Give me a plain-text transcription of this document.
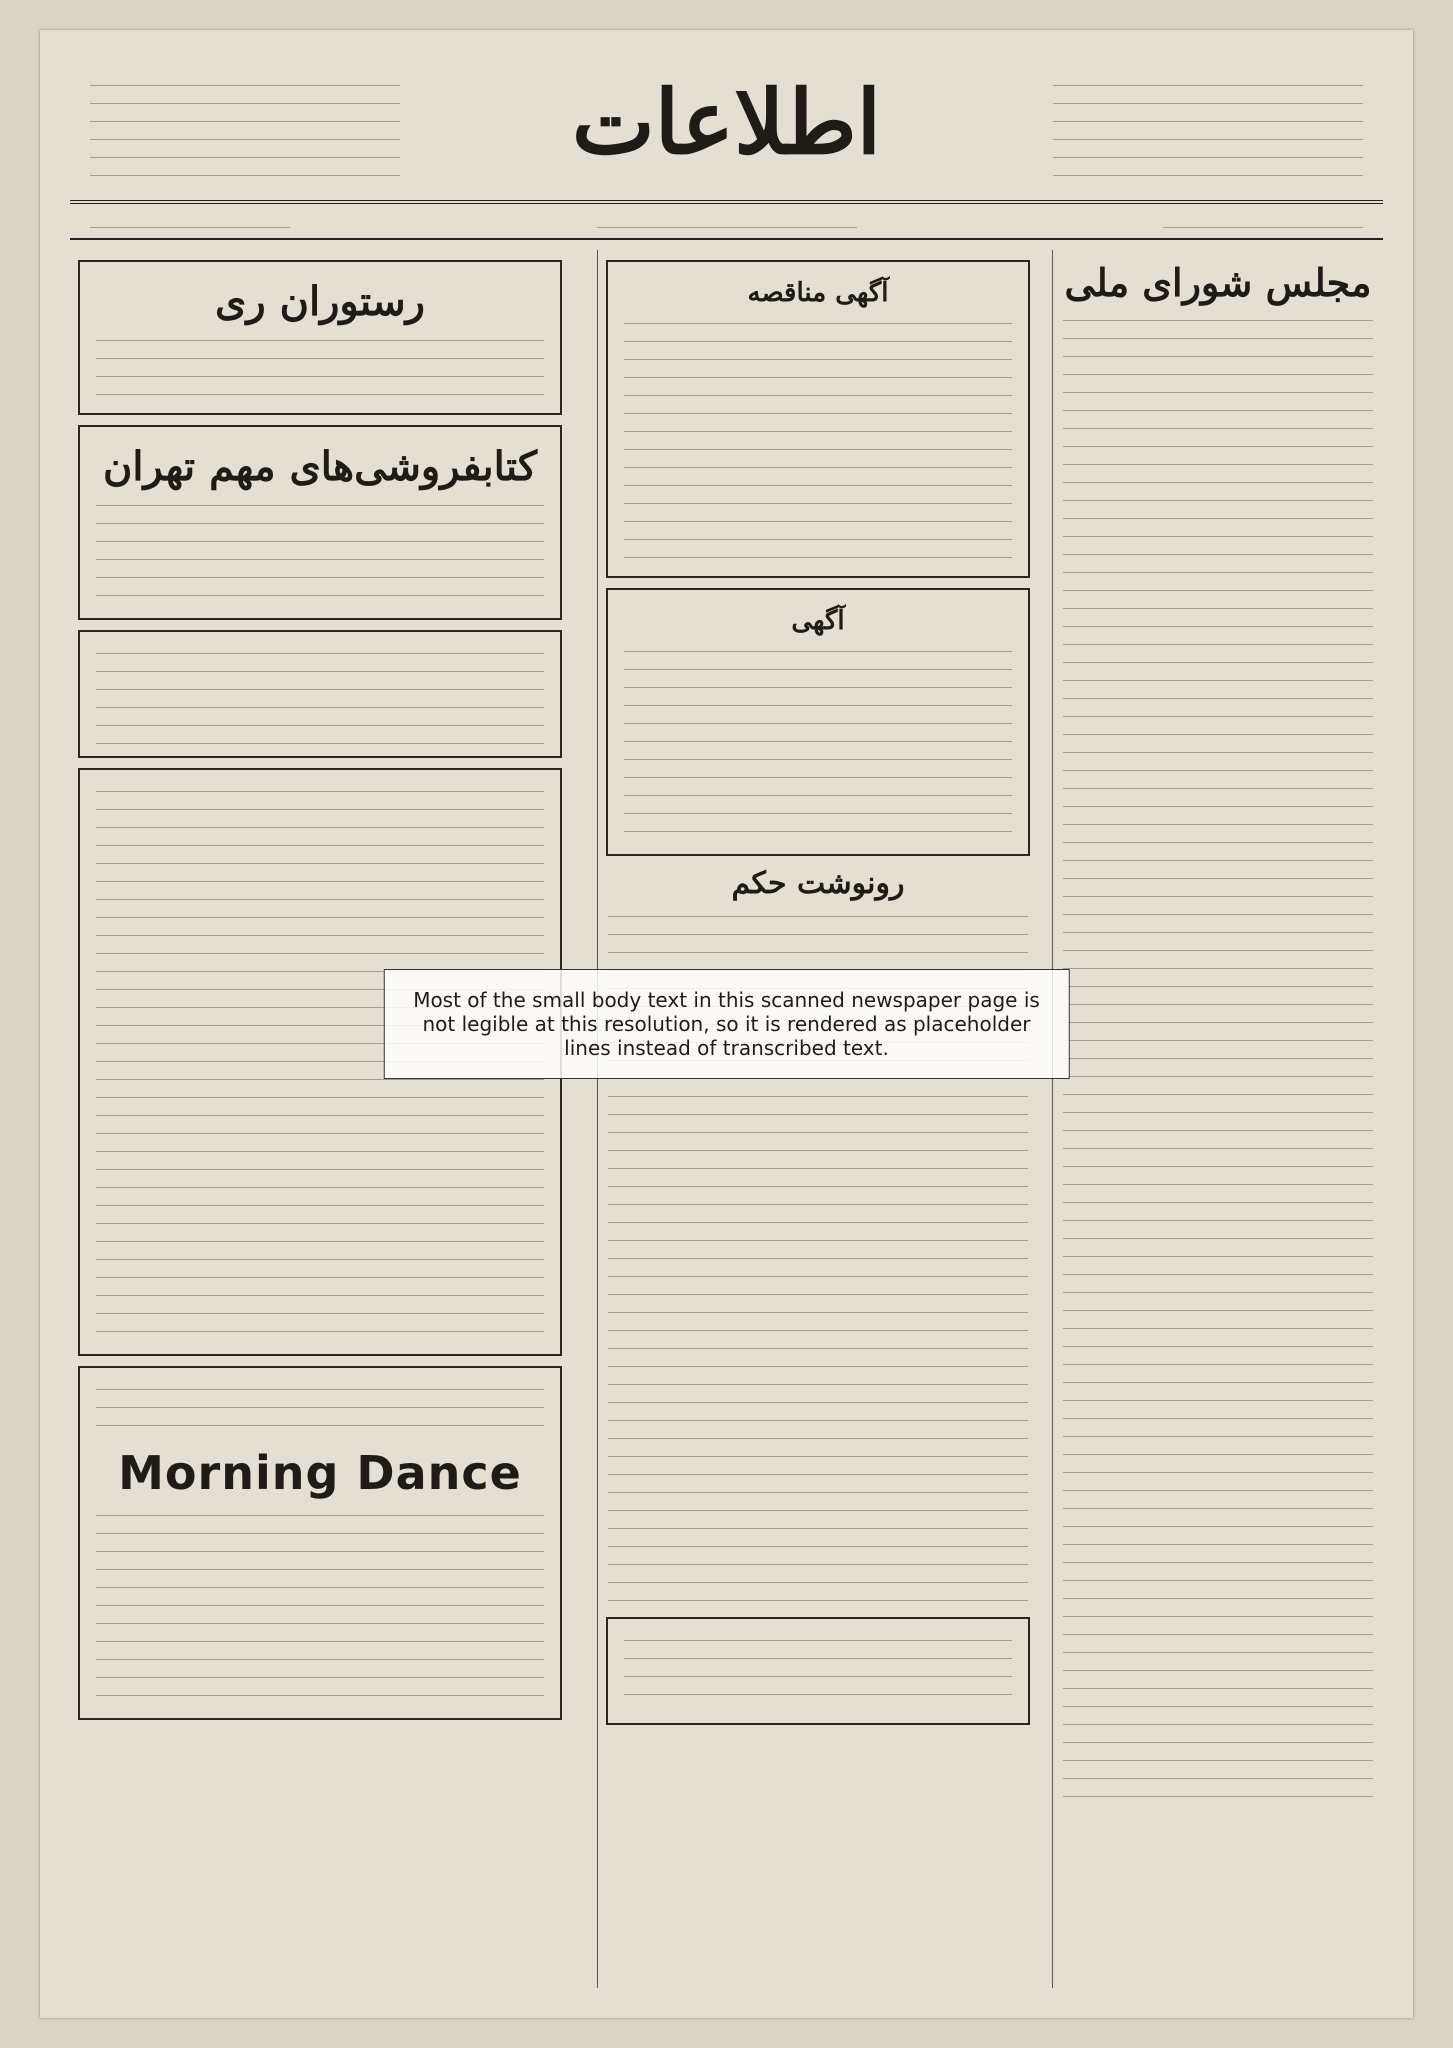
اطلاعات
مجلس شورای ملی
آگهی مناقصه
آگهی
رونوشت حکم
رستوران ری
کتابفروشی‌های مهم تهران
Morning Dance
Most of the small body text in this scanned newspaper page is not legible at this resolution, so it is rendered as placeholder lines instead of transcribed text.
